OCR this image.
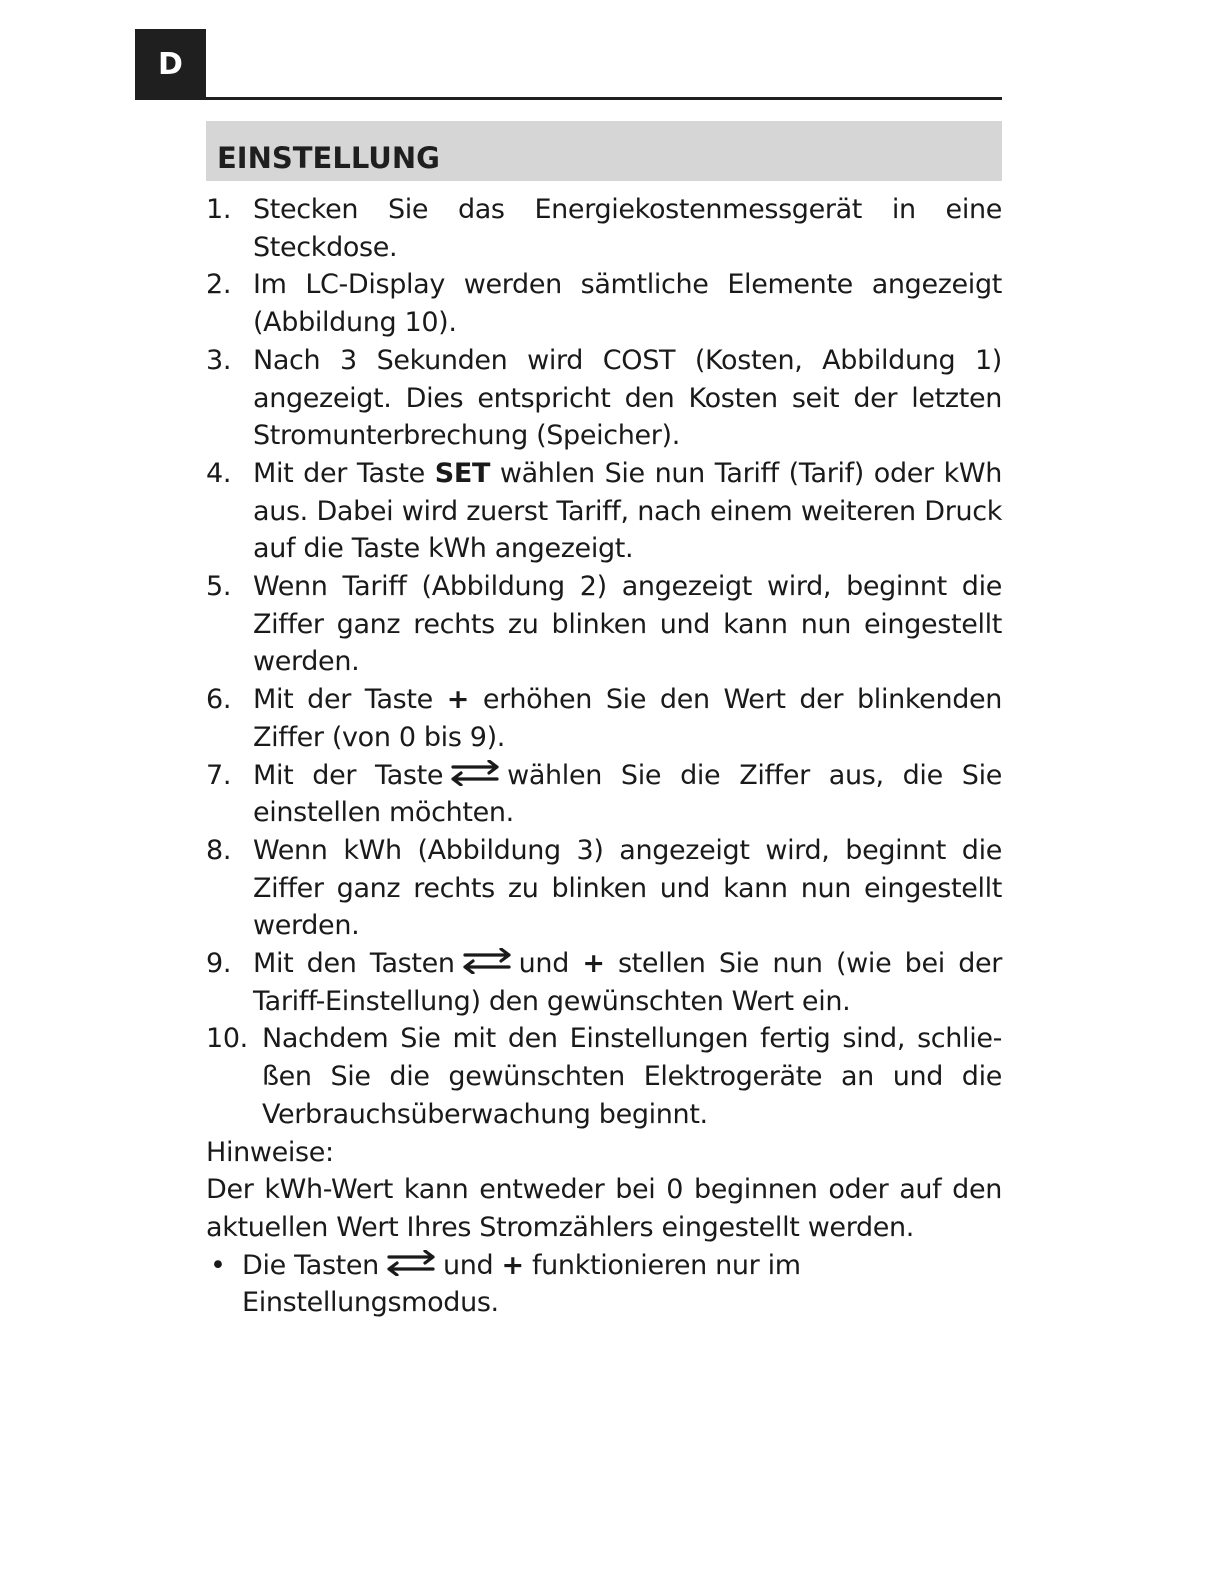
D
EINSTELLUNG
1. Stecken Sie das Energiekostenmessgerät in eine Steckdose.
2. Im LC-Display werden sämtliche Elemente angezeigt (Abbildung 10).
3. Nach 3 Sekunden wird COST (Kosten, Abbildung 1) angezeigt. Dies entspricht den Kosten seit der letzten Stromunterbrechung (Speicher).
4. Mit der Taste SET wählen Sie nun Tariff (Tarif) oder kWh aus. Dabei wird zuerst Tariff, nach einem weiteren Druck auf die Taste kWh angezeigt.
5. Wenn Tariff (Abbildung 2) angezeigt wird, beginnt die Ziffer ganz rechts zu blinken und kann nun eingestellt werden.
6. Mit der Taste + erhöhen Sie den Wert der blinkenden Ziffer (von 0 bis 9).
7. Mit der Taste wählen Sie die Ziffer aus, die Sie einstellen möchten.
8. Wenn kWh (Abbildung 3) angezeigt wird, beginnt die Ziffer ganz rechts zu blinken und kann nun eingestellt werden.
9. Mit den Tasten und + stellen Sie nun (wie bei der Tariff-Einstellung) den gewünschten Wert ein.
10. Nachdem Sie mit den Einstellungen fertig sind, schlie-ßen Sie die gewünschten Elektrogeräte an und die Verbrauchsüberwachung beginnt.

Hinweise:

Der kWh-Wert kann entweder bei 0 beginnen oder auf den aktuellen Wert Ihres Stromzählers eingestellt werden.

• Die Tasten und + funktionieren nur im Einstellungsmodus.
